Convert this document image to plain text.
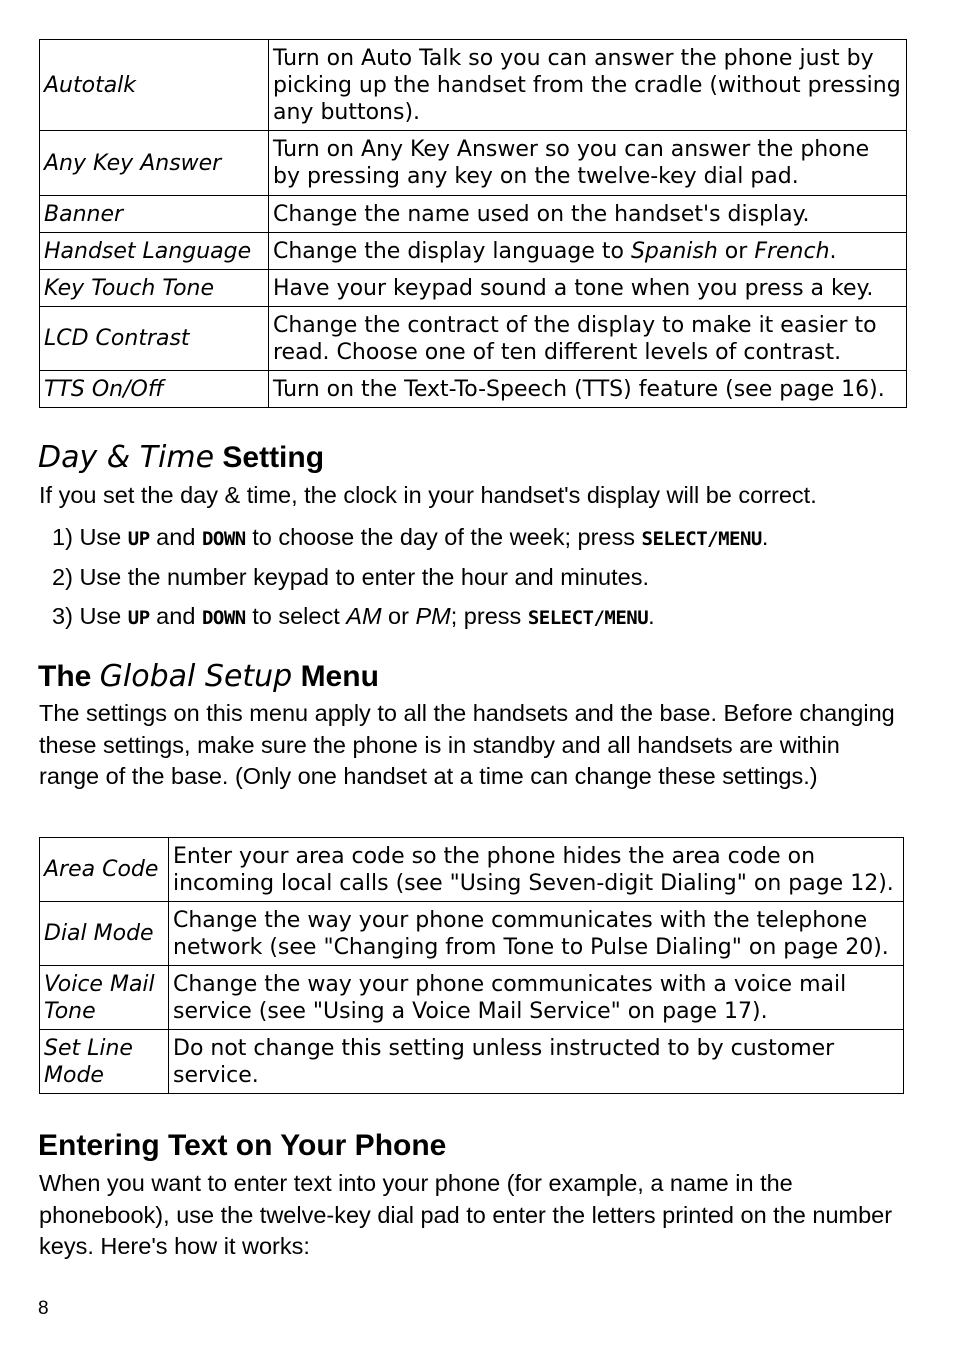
Autotalk	Turn on Auto Talk so you can answer the phone just by picking up the handset from the cradle (without pressing any buttons).
Any Key Answer	Turn on Any Key Answer so you can answer the phone by pressing any key on the twelve-key dial pad.
Banner	Change the name used on the handset's display.
Handset Language	Change the display language to Spanish or French.
Key Touch Tone	Have your keypad sound a tone when you press a key.
LCD Contrast	Change the contract of the display to make it easier to read. Choose one of ten different levels of contrast.
TTS On/Off	Turn on the Text-To-Speech (TTS) feature (see page 16).
Day & Time Setting

If you set the day & time, the clock in your handset's display will be correct.

1) Use UP and DOWN to choose the day of the week; press SELECT/MENU.

2) Use the number keypad to enter the hour and minutes.

3) Use UP and DOWN to select AM or PM; press SELECT/MENU.

The Global Setup Menu

The settings on this menu apply to all the handsets and the base. Before changing these settings, make sure the phone is in standby and all handsets are within range of the base. (Only one handset at a time can change these settings.)

Area Code	Enter your area code so the phone hides the area code on incoming local calls (see "Using Seven-digit Dialing" on page 12).
Dial Mode	Change the way your phone communicates with the telephone network (see "Changing from Tone to Pulse Dialing" on page 20).
Voice Mail Tone	Change the way your phone communicates with a voice mail service (see "Using a Voice Mail Service" on page 17).
Set Line Mode	Do not change this setting unless instructed to by customer service.
Entering Text on Your Phone

When you want to enter text into your phone (for example, a name in the phonebook), use the twelve-key dial pad to enter the letters printed on the number keys. Here's how it works:

8
